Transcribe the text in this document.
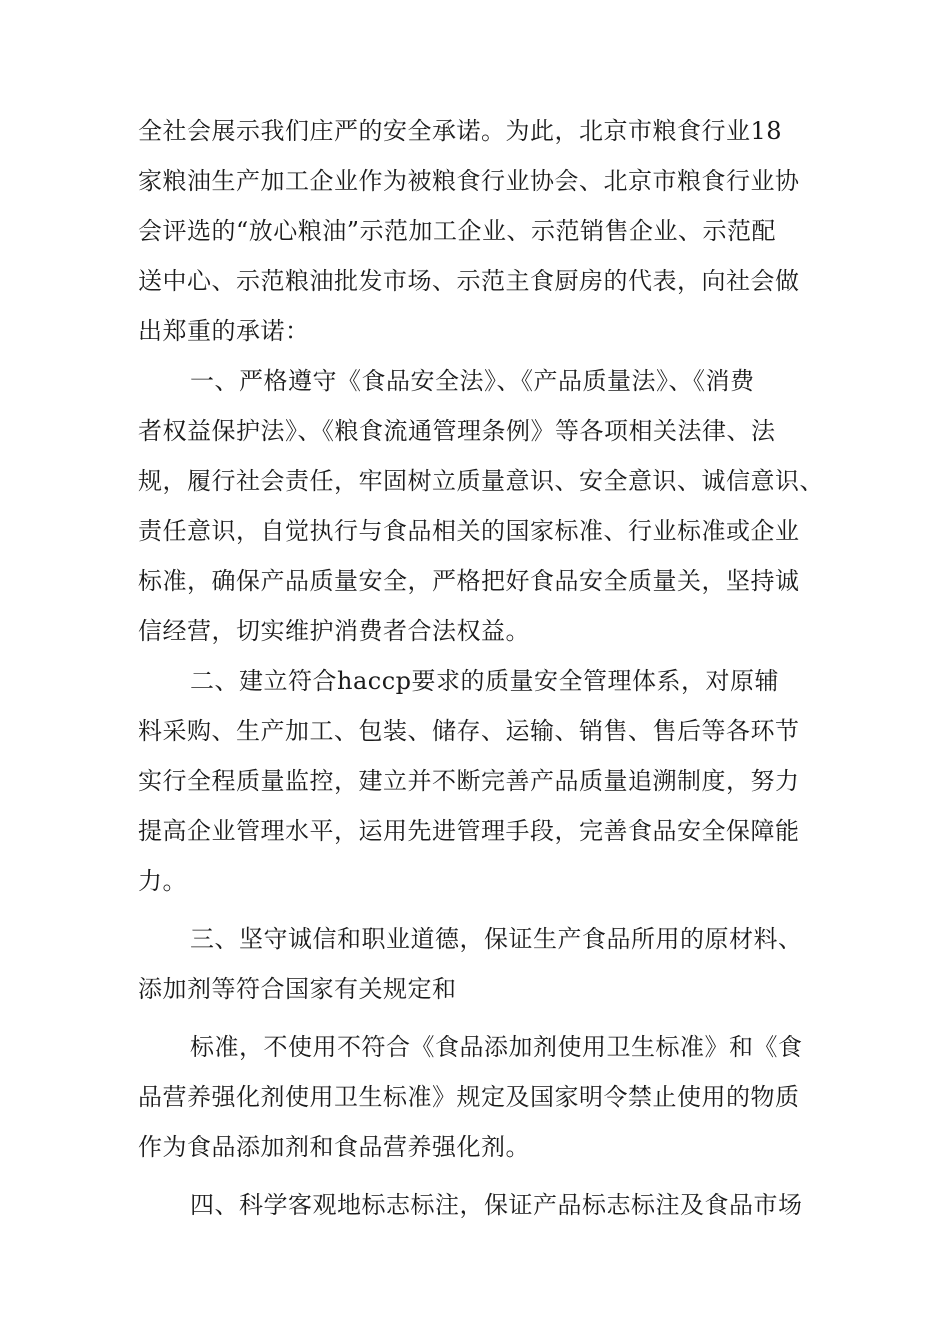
全社会展示我们庄严的安全承诺。为此，北京市粮食行业18
家粮油生产加工企业作为被粮食行业协会、北京市粮食行业协
会评选的“放心粮油”示范加工企业、示范销售企业、示范配
送中心、示范粮油批发市场、示范主食厨房的代表，向社会做
出郑重的承诺：
一、严格遵守《食品安全法》、《产品质量法》、《消费
者权益保护法》、《粮食流通管理条例》等各项相关法律、法
规，履行社会责任，牢固树立质量意识、安全意识、诚信意识、
责任意识，自觉执行与食品相关的国家标准、行业标准或企业
标准，确保产品质量安全，严格把好食品安全质量关，坚持诚
信经营，切实维护消费者合法权益。
二、建立符合haccp要求的质量安全管理体系，对原辅
料采购、生产加工、包装、储存、运输、销售、售后等各环节
实行全程质量监控，建立并不断完善产品质量追溯制度，努力
提高企业管理水平，运用先进管理手段，完善食品安全保障能
力。
三、坚守诚信和职业道德，保证生产食品所用的原材料、
添加剂等符合国家有关规定和
标准，不使用不符合《食品添加剂使用卫生标准》和《食
品营养强化剂使用卫生标准》规定及国家明令禁止使用的物质
作为食品添加剂和食品营养强化剂。
四、科学客观地标志标注，保证产品标志标注及食品市场
